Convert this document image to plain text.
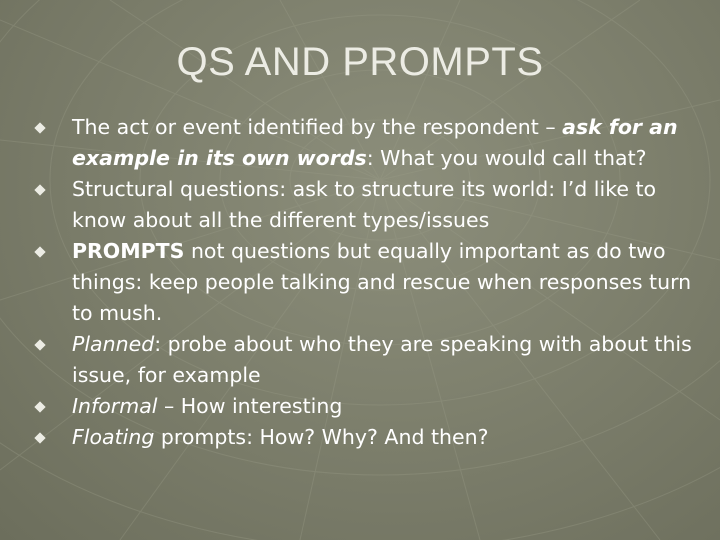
QS AND PROMPTS
The act or event identified by the respondent – ask for an example in its own words: What you would call that?
Structural questions: ask to structure its world: I’d like to know about all the different types/issues
PROMPTS not questions but equally important as do two things: keep people talking and rescue when responses turn to mush.
Planned: probe about who they are speaking with about this issue, for example
Informal – How interesting
Floating prompts: How? Why? And then?
